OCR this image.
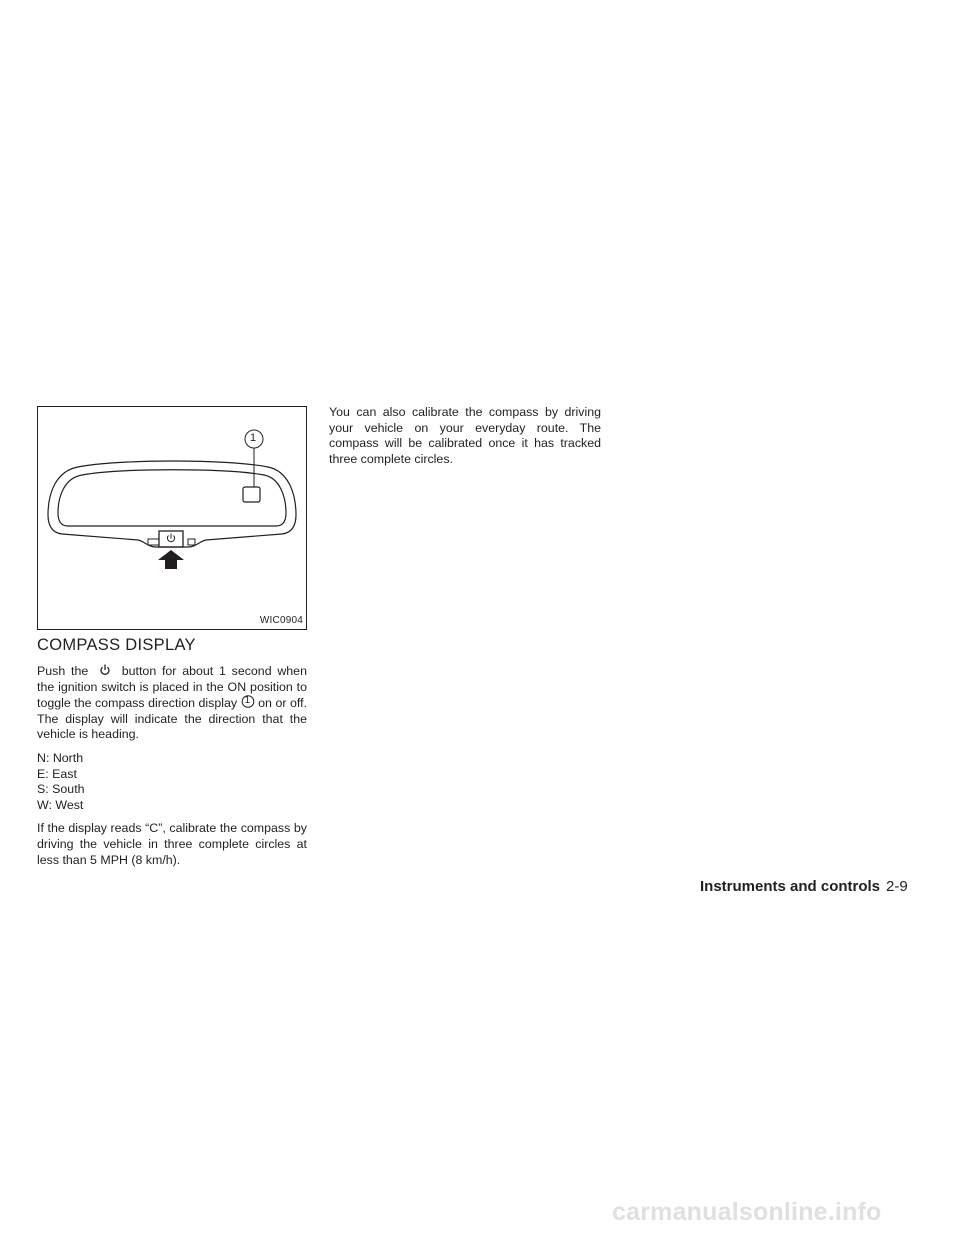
1
WIC0904
COMPASS DISPLAY

Push the	button for about 1 second when the ignition switch is placed in the ON position to toggle the compass direction display 1 on or off. The display will indicate the direction that the vehicle is heading.

N: North
E: East
S: South
W: West

If the display reads “C”, calibrate the compass by driving the vehicle in three complete circles at less than 5 MPH (8 km/h).

You can also calibrate the compass by driving your vehicle on your everyday route. The compass will be calibrated once it has tracked three complete circles.

Instruments and controls 2-9
carmanualsonline.info
